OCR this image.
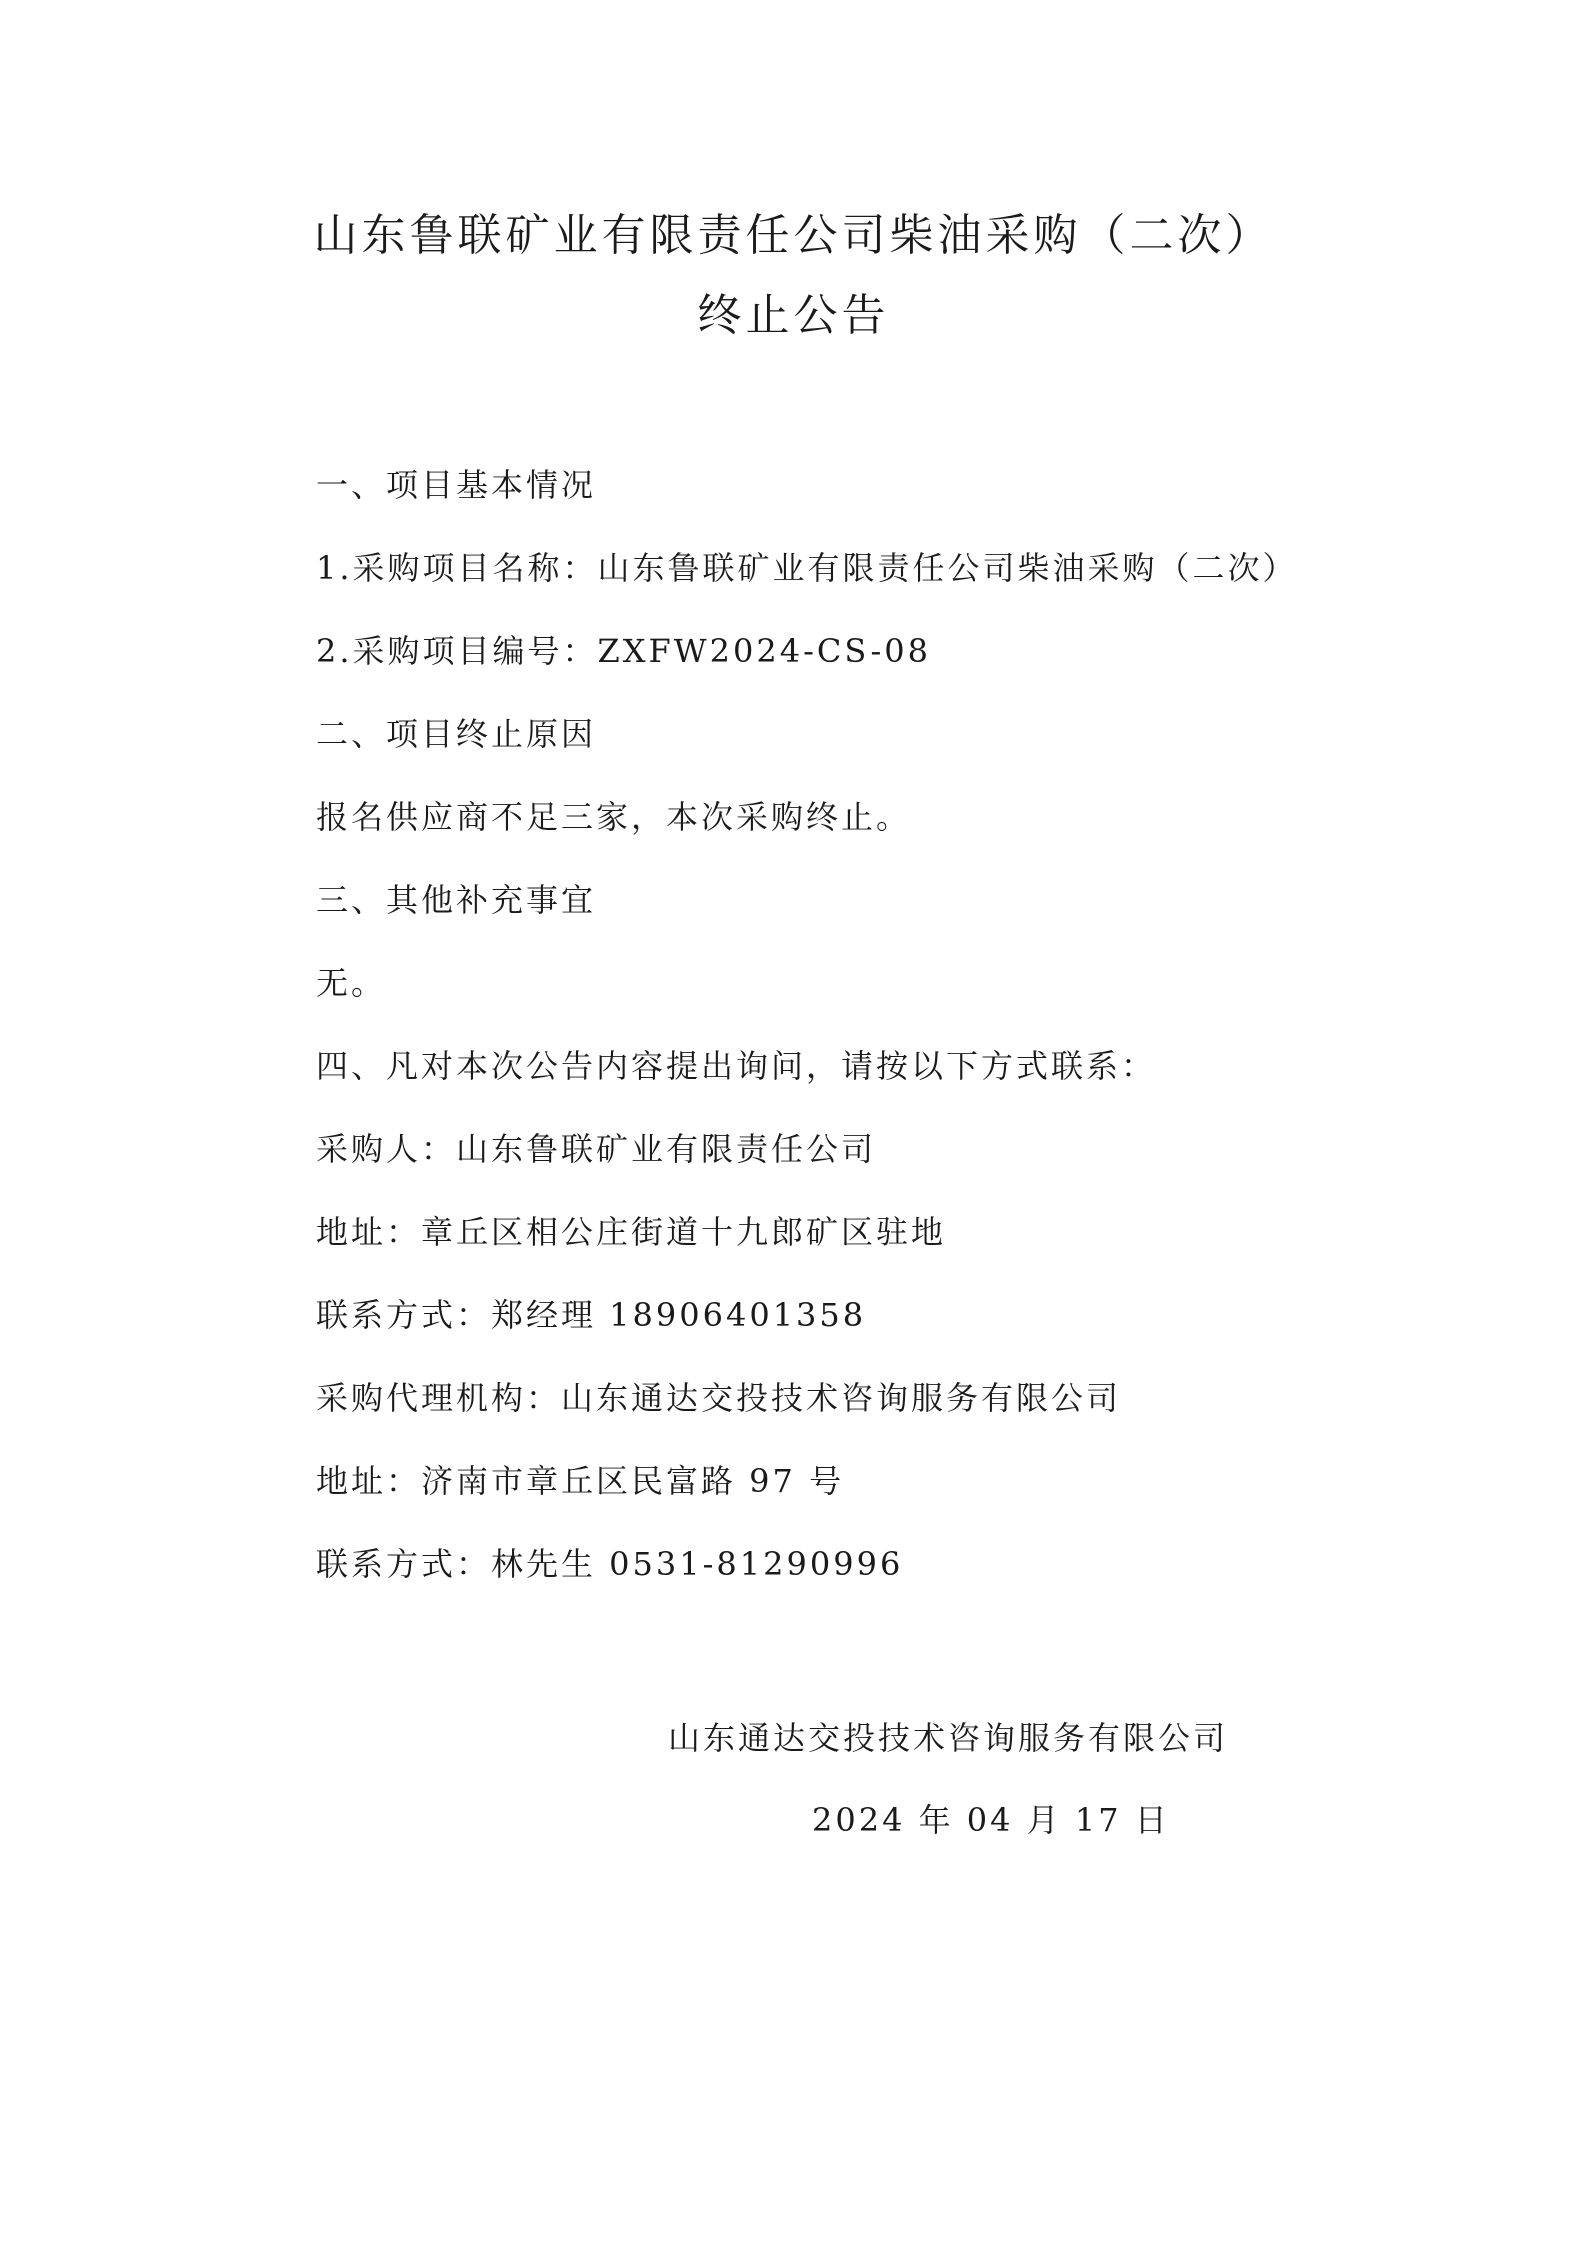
山东鲁联矿业有限责任公司柴油采购（二次）
终止公告

一、项目基本情况

1.采购项目名称：山东鲁联矿业有限责任公司柴油采购（二次）

2.采购项目编号：ZXFW2024-CS-08

二、项目终止原因

报名供应商不足三家，本次采购终止。

三、其他补充事宜

无。

四、凡对本次公告内容提出询问，请按以下方式联系：

采购人：山东鲁联矿业有限责任公司

地址：章丘区相公庄街道十九郎矿区驻地

联系方式：郑经理 18906401358

采购代理机构：山东通达交投技术咨询服务有限公司

地址：济南市章丘区民富路 97 号

联系方式：林先生 0531-81290996

山东通达交投技术咨询服务有限公司

2024 年 04 月 17 日
